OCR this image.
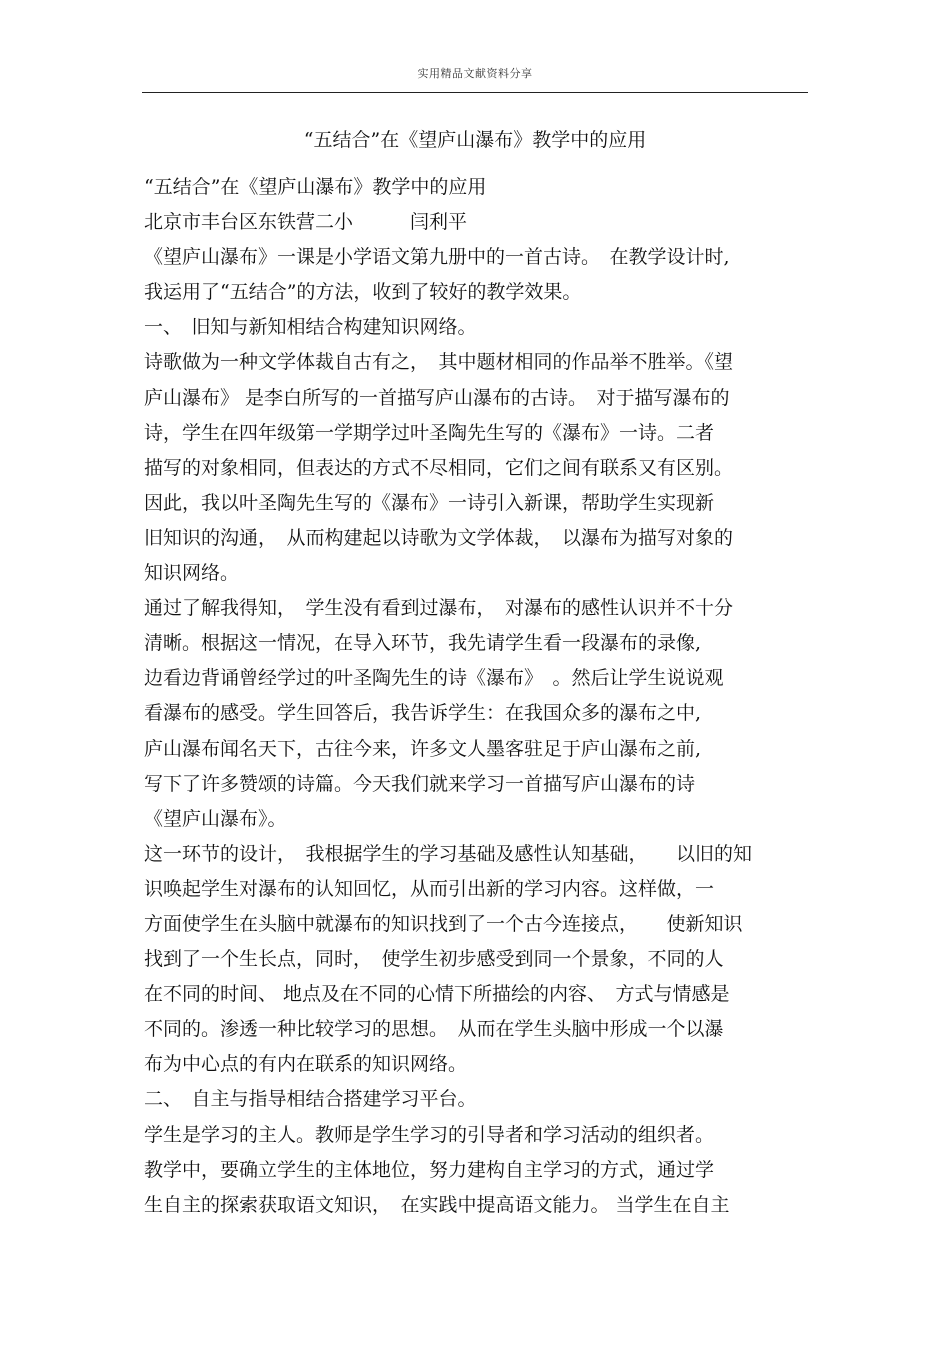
实用精品文献资料分享
“五结合”在《望庐山瀑布》教学中的应用
“五结合”在《望庐山瀑布》教学中的应用
北京市丰台区东铁营二小　　　闫利平
《望庐山瀑布》一课是小学语文第九册中的一首古诗。　在教学设计时,
我运用了“五结合”的方法，收到了较好的教学效果。
一、　旧知与新知相结合构建知识网络。
诗歌做为一种文学体裁自古有之，　其中题材相同的作品举不胜举。《望
庐山瀑布》 是李白所写的一首描写庐山瀑布的古诗。　对于描写瀑布的
诗，学生在四年级第一学期学过叶圣陶先生写的《瀑布》一诗。二者
描写的对象相同，但表达的方式不尽相同，它们之间有联系又有区别。
因此，我以叶圣陶先生写的《瀑布》一诗引入新课，帮助学生实现新
旧知识的沟通，　从而构建起以诗歌为文学体裁，　以瀑布为描写对象的
知识网络。
通过了解我得知，　学生没有看到过瀑布，　对瀑布的感性认识并不十分
清晰。根据这一情况，在导入环节，我先请学生看一段瀑布的录像,
边看边背诵曾经学过的叶圣陶先生的诗《瀑布》　。然后让学生说说观
看瀑布的感受。学生回答后，我告诉学生：在我国众多的瀑布之中,
庐山瀑布闻名天下，古往今来，许多文人墨客驻足于庐山瀑布之前,
写下了许多赞颂的诗篇。今天我们就来学习一首描写庐山瀑布的诗
《望庐山瀑布》。
这一环节的设计，　我根据学生的学习基础及感性认知基础，　　以旧的知
识唤起学生对瀑布的认知回忆，从而引出新的学习内容。这样做，一
方面使学生在头脑中就瀑布的知识找到了一个古今连接点，　　使新知识
找到了一个生长点，同时，　使学生初步感受到同一个景象，不同的人
在不同的时间、 地点及在不同的心情下所描绘的内容、　方式与情感是
不同的。渗透一种比较学习的思想。　从而在学生头脑中形成一个以瀑
布为中心点的有内在联系的知识网络。
二、　自主与指导相结合搭建学习平台。
学生是学习的主人。教师是学生学习的引导者和学习活动的组织者。
教学中，要确立学生的主体地位，努力建构自主学习的方式，通过学
生自主的探索获取语文知识，　在实践中提高语文能力。 当学生在自主
